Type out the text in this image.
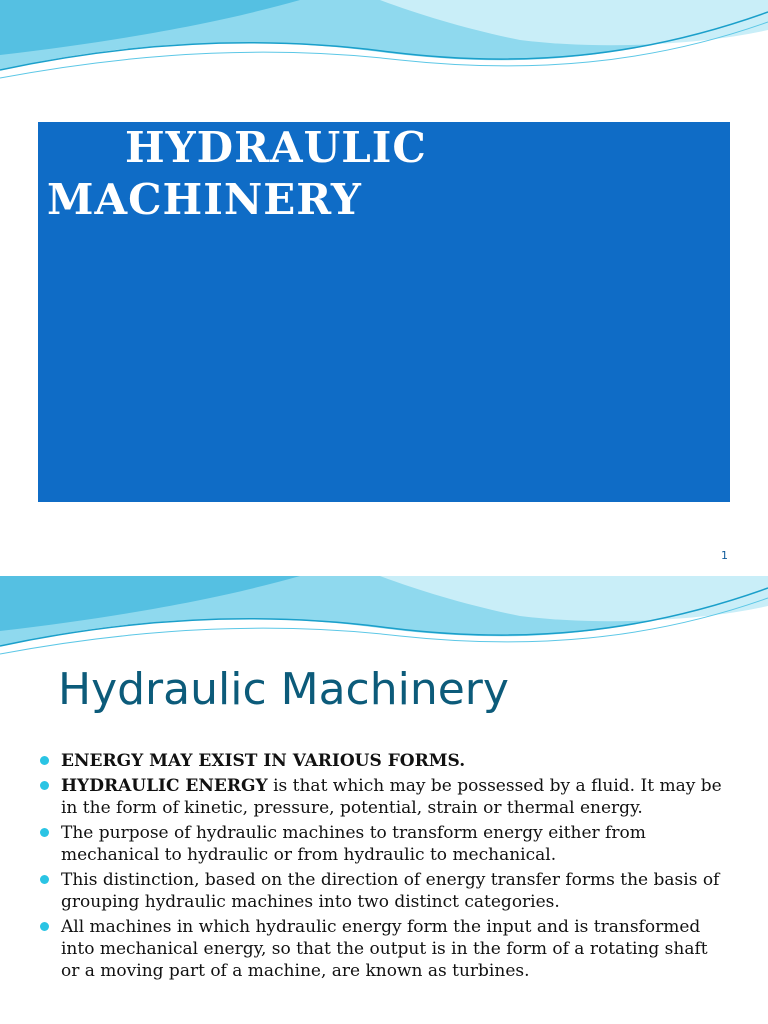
HYDRAULIC
MACHINERY
1
Hydraulic Machinery
ENERGY MAY EXIST IN VARIOUS FORMS.
HYDRAULIC ENERGY is that which may be possessed by a fluid. It may be in the form of kinetic, pressure, potential, strain or thermal energy.
The purpose of hydraulic machines to transform energy either from mechanical to hydraulic or from hydraulic to mechanical.
This distinction, based on the direction of energy transfer forms the basis of grouping hydraulic machines into two distinct categories.
All machines in which hydraulic energy form the input and is transformed into mechanical energy, so that the output is in the form of a rotating shaft or a moving part of a machine, are known as turbines.
